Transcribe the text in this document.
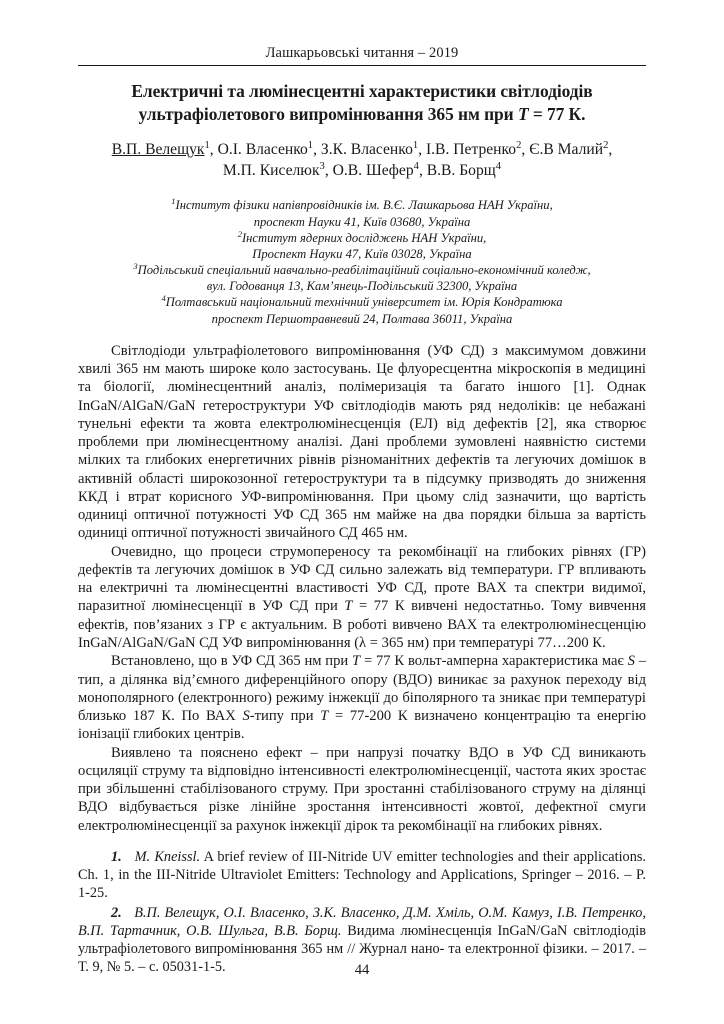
Лашкарьовські читання – 2019
Електричні та люмінесцентні характеристики світлодіодів
ультрафіолетового випромінювання 365 нм при T = 77 К.
В.П. Велещук$^1$, О.І. Власенко$^1$, З.К. Власенко$^1$, І.В. Петренко$^2$, Є.В Малий$^2$,
М.П. Киселюк$^3$, О.В. Шефер$^4$, В.В. Борщ$^4$
$^1$Інститут фізики напівпровідників ім. В.Є. Лашкарьова НАН України,
проспект Науки 41, Київ 03680, Україна
$^2$Інститут ядерних досліджень НАН України,
Проспект Науки 47, Київ 03028, Україна
$^3$Подільський спеціальний навчально-реабілітаційний соціально-економічний коледж,
вул. Годованця 13, Кам’янець-Подільський 32300, Україна
$^4$Полтавський національний технічний університет ім. Юрія Кондратюка
проспект Першотравневий 24, Полтава 36011, Україна

Світлодіоди ультрафіолетового випромінювання (УФ СД) з максимумом довжини хвилі 365 нм мають широке коло застосувань. Це флуоресцентна мікроскопія в медицині та біології, люмінесцентний аналіз, полімеризація та багато іншого [1]. Однак InGaN/AlGaN/GaN гетероструктури УФ світлодіодів мають ряд недоліків: це небажані тунельні ефекти та жовта електролюмінесценція (ЕЛ) від дефектів [2], яка створює проблеми при люмінесцентному аналізі. Дані проблеми зумовлені наявністю системи мілких та глибоких енергетичних рівнів різноманітних дефектів та легуючих домішок в активній області широкозонної гетероструктури та в підсумку призводять до зниження ККД і втрат корисного УФ-випромінювання. При цьому слід зазначити, що вартість одиниці оптичної потужності УФ СД 365 нм майже на два порядки більша за вартість одиниці оптичної потужності звичайного СД 465 нм.

Очевидно, що процеси струмопереносу та рекомбінації на глибоких рівнях (ГР) дефектів та легуючих домішок в УФ СД сильно залежать від температури. ГР впливають на електричні та люмінесцентні властивості УФ СД, проте ВАХ та спектри видимої, паразитної люмінесценції в УФ СД при T = 77 К вивчені недостатньо. Тому вивчення ефектів, пов’язаних з ГР є актуальним. В роботі вивчено ВАХ та електролюмінесценцію InGaN/AlGaN/GaN СД УФ випромінювання (λ = 365 нм) при температурі 77…200 К.

Встановлено, що в УФ СД 365 нм при T = 77 К вольт-амперна характеристика має S – тип, а ділянка від’ємного диференційного опору (ВДО) виникає за рахунок переходу від монополярного (електронного) режиму інжекції до біполярного та зникає при температурі близько 187 К. По ВАХ S-типу при T = 77-200 К визначено концентрацію та енергію іонізації глибоких центрів.

Виявлено та пояснено ефект – при напрузі початку ВДО в УФ СД виникають осциляції струму та відповідно інтенсивності електролюмінесценції, частота яких зростає при збільшенні стабілізованого струму. При зростанні стабілізованого струму на ділянці ВДО відбувається різке лінійне зростання інтенсивності жовтої, дефектної смуги електролюмінесценції за рахунок інжекції дірок та рекомбінації на глибоких рівнях.

1. M. Kneissl. A brief review of III-Nitride UV emitter technologies and their applications. Ch. 1, in the III-Nitride Ultraviolet Emitters: Technology and Applications, Springer – 2016. – P. 1-25.

2. В.П. Велещук, О.І. Власенко, З.К. Власенко, Д.М. Хміль, О.М. Камуз, І.В. Петренко, В.П. Тартачник, О.В. Шульга, В.В. Борщ. Видима люмінесценція InGaN/GaN світлодіодів ультрафіолетового випромінювання 365 нм // Журнал нано- та електронної фізики. – 2017. – Т. 9, № 5. – с. 05031-1-5.	44
